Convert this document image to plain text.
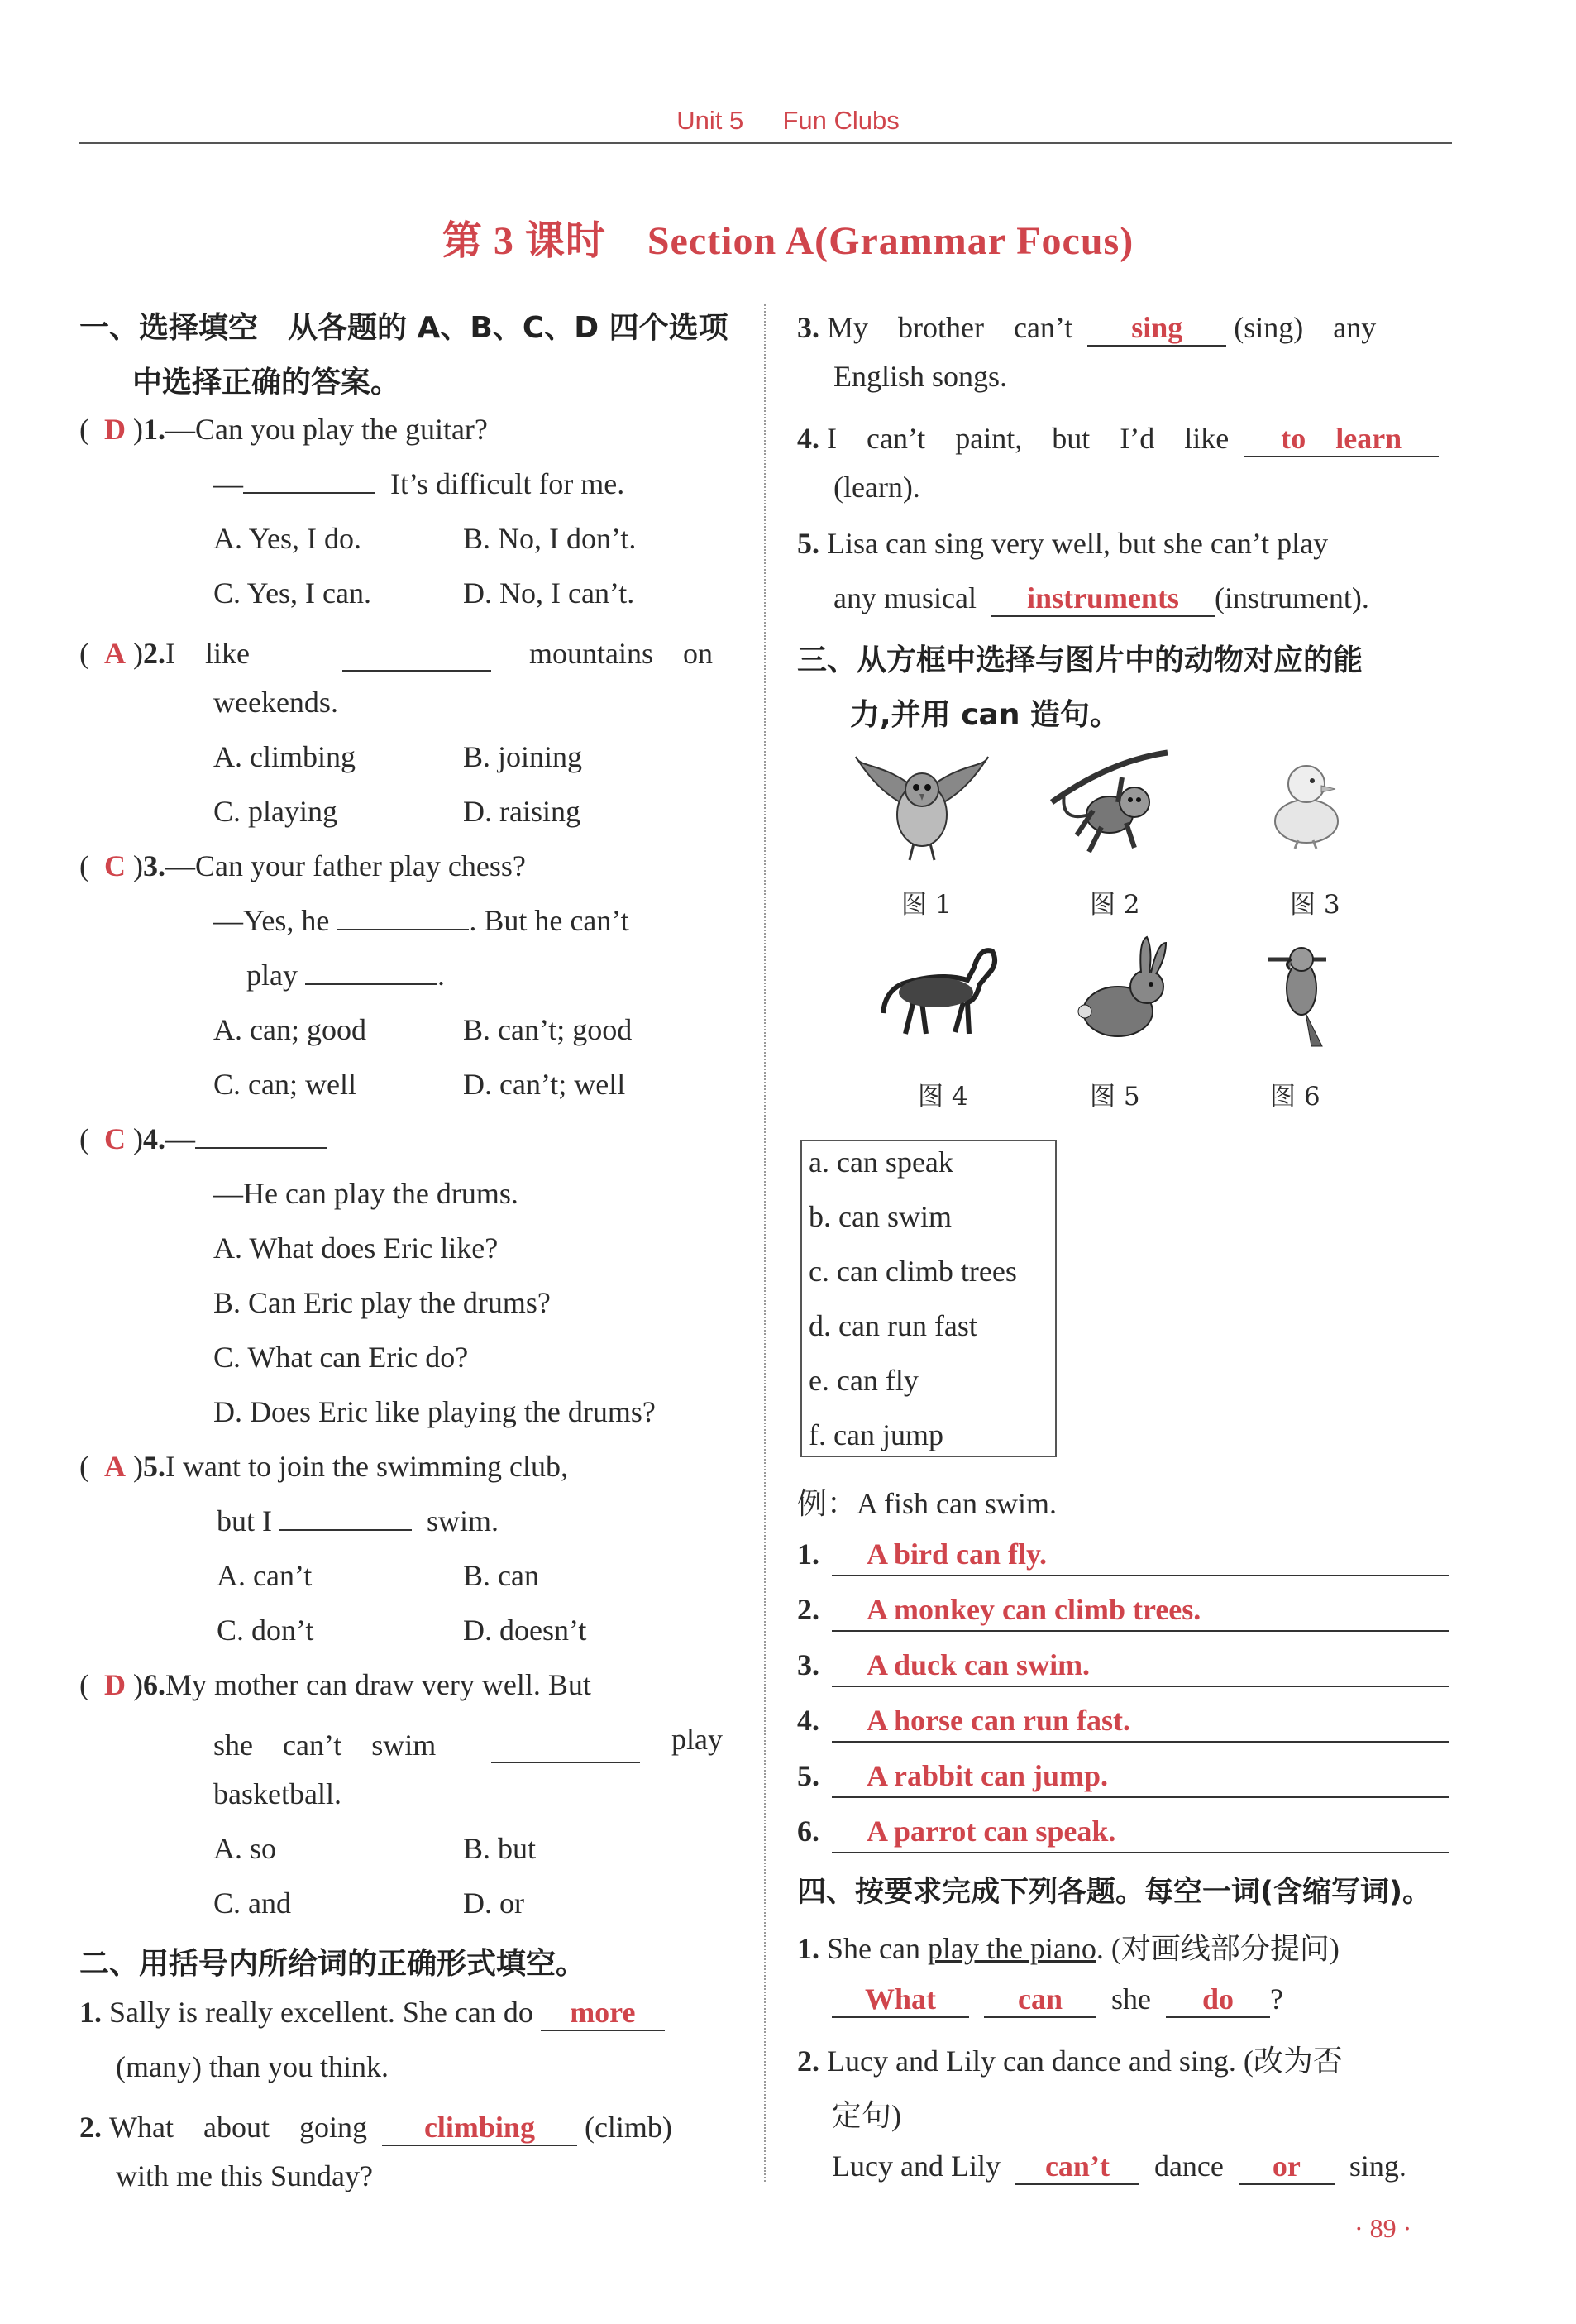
Unit 5 Fun Clubs
第 3 课时 Section A(Grammar Focus)
一、选择填空　从各题的 A、B、C、D 四个选项
中选择正确的答案。
(  D )1.—Can you play the guitar?
—	It’s difficult for me.
A. Yes, I do.	B. No, I don’t.
C. Yes, I can.	D. No, I can’t.
(  A )2.I　like	mountains　on
weekends.
A. climbing	B. joining
C. playing	D. raising
(  C )3.—Can your father play chess?
—Yes, he	. But he can’t
play	.
A. can; good	B. can’t; good
C. can; well	D. can’t; well
(  C )4.—
—He can play the drums.
A. What does Eric like?
B. Can Eric play the drums?
C. What can Eric do?
D. Does Eric like playing the drums?
(  A )5.I want to join the swimming club,
but I	swim.
A. can’t	B. can
C. don’t	D. doesn’t
(  D )6.My mother can draw very well. But
she　can’t　swim	play
basketball.
A. so	B. but
C. and	D. or
二、用括号内所给词的正确形式填空。
1. Sally is really excellent. She can do more
(many) than you think.
2. What　about　going climbing (climb)
with me this Sunday?
3. My　brother　can’t sing (sing)　any
English songs.
4. I　can’t　paint,　but　I’d　like to　learn
(learn).
5. Lisa can sing very well, but she can’t play
any musical instruments (instrument).
三、从方框中选择与图片中的动物对应的能
力,并用 can 造句。
图 1	图 2	图 3
图 4	图 5	图 6
a. can speak
b. can swim
c. can climb trees
d. can run fast
e. can fly
f. can jump
例：A fish can swim.
1. A bird can fly.
2. A monkey can climb trees.
3. A duck can swim.
4. A horse can run fast.
5. A rabbit can jump.
6. A parrot can speak.
四、按要求完成下列各题。每空一词(含缩写词)。
1. She can play the piano. (对画线部分提问)
What	can she do ?
2. Lucy and Lily can dance and sing. (改为否
定句)
Lucy and Lily can’t dance or sing.
· 89 ·
